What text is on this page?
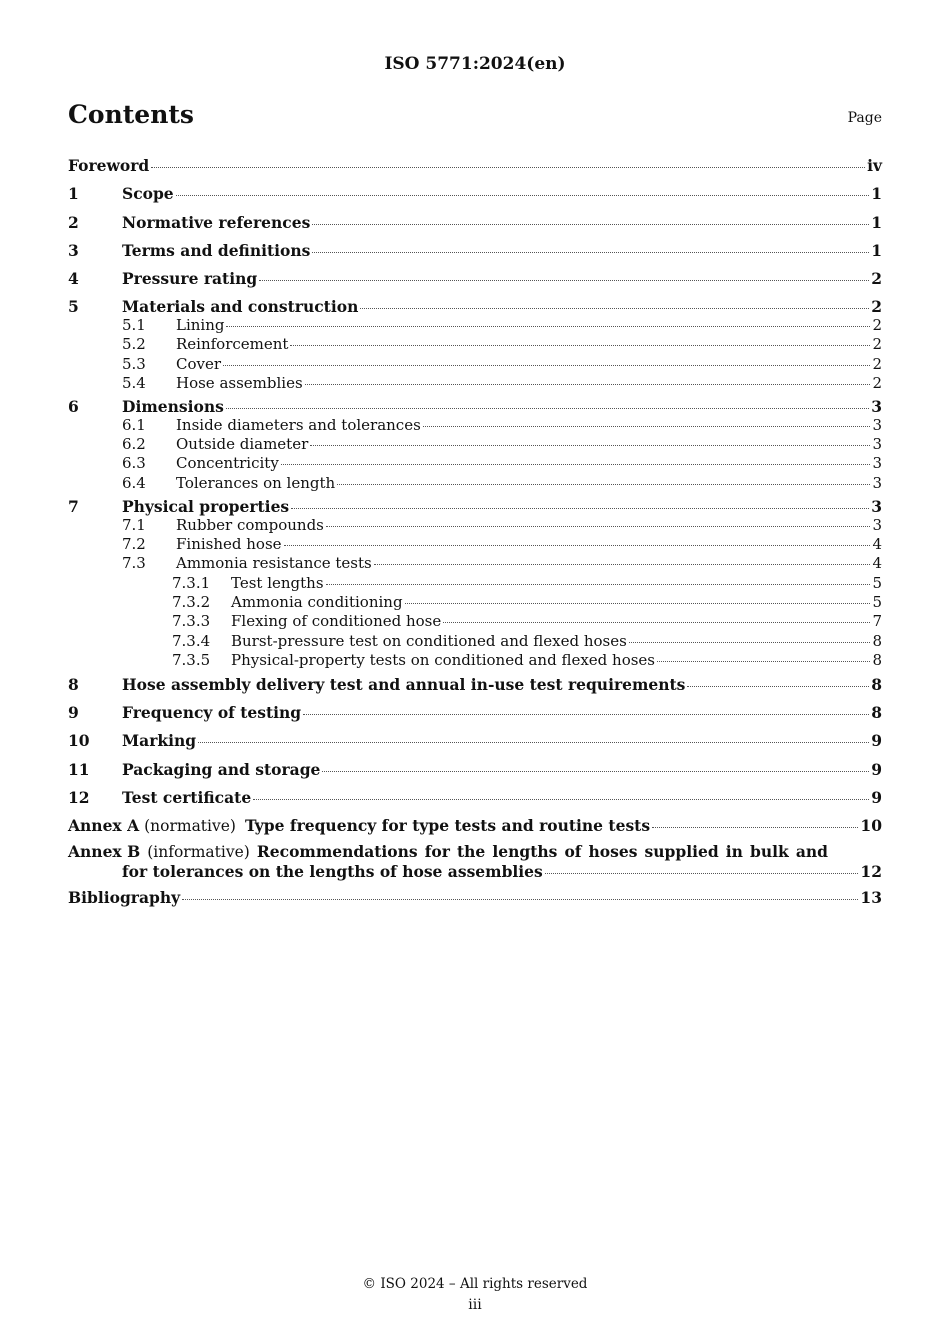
ISO 5771:2024(en)
Contents	Page
Foreword	iv
1	Scope	1
2	Normative references	1
3	Terms and definitions	1
4	Pressure rating	2
5	Materials and construction	2
5.1	Lining	2
5.2	Reinforcement	2
5.3	Cover	2
5.4	Hose assemblies	2
6	Dimensions	3
6.1	Inside diameters and tolerances	3
6.2	Outside diameter	3
6.3	Concentricity	3
6.4	Tolerances on length	3
7	Physical properties	3
7.1	Rubber compounds	3
7.2	Finished hose	4
7.3	Ammonia resistance tests	4
7.3.1	Test lengths	5
7.3.2	Ammonia conditioning	5
7.3.3	Flexing of conditioned hose	7
7.3.4	Burst-pressure test on conditioned and flexed hoses	8
7.3.5	Physical-property tests on conditioned and flexed hoses	8
8	Hose assembly delivery test and annual in-use test requirements	8
9	Frequency of testing	8
10	Marking	9
11	Packaging and storage	9
12	Test certificate	9
Annex A (normative) Type frequency for type tests and routine tests	10
Annex B (informative) Recommendations for the lengths of hoses supplied in bulk and
for tolerances on the lengths of hose assemblies	12
Bibliography	13
© ISO 2024 – All rights reserved
iii
